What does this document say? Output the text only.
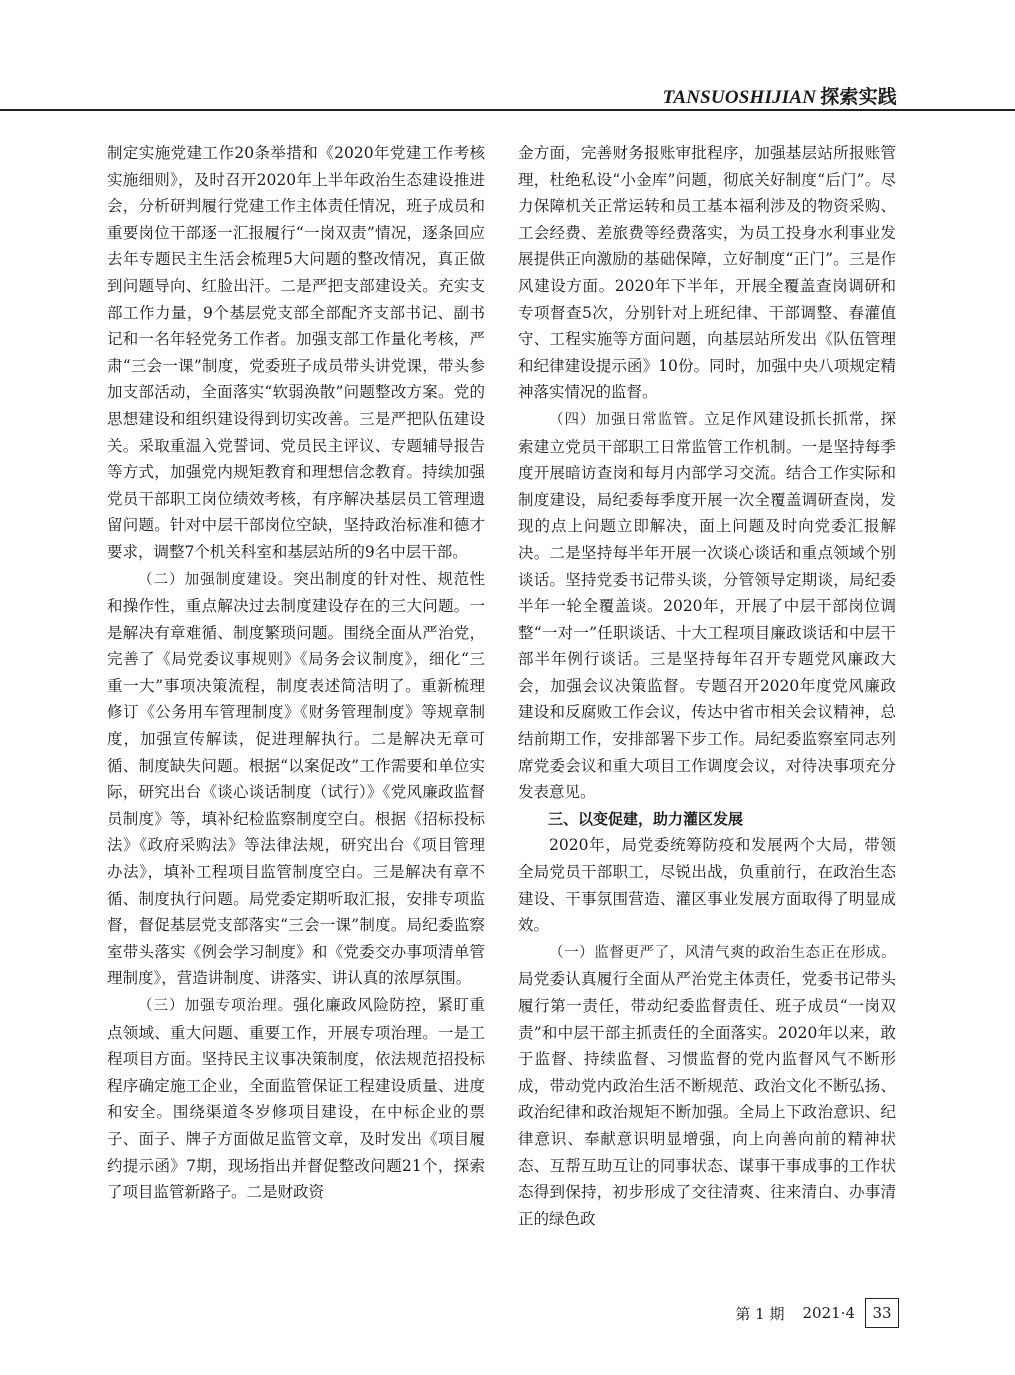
TANSUOSHIJIAN 探索实践

制定实施党建工作20条举措和《2020年党建工作考核实施细则》，及时召开2020年上半年政治生态建设推进会，分析研判履行党建工作主体责任情况，班子成员和重要岗位干部逐一汇报履行“一岗双责”情况，逐条回应去年专题民主生活会梳理5大问题的整改情况，真正做到问题导向、红脸出汗。二是严把支部建设关。充实支部工作力量，9个基层党支部全部配齐支部书记、副书记和一名年轻党务工作者。加强支部工作量化考核，严肃“三会一课”制度，党委班子成员带头讲党课，带头参加支部活动，全面落实“软弱涣散”问题整改方案。党的思想建设和组织建设得到切实改善。三是严把队伍建设关。采取重温入党誓词、党员民主评议、专题辅导报告等方式，加强党内规矩教育和理想信念教育。持续加强党员干部职工岗位绩效考核，有序解决基层员工管理遗留问题。针对中层干部岗位空缺，坚持政治标准和德才要求，调整7个机关科室和基层站所的9名中层干部。

（二）加强制度建设。突出制度的针对性、规范性和操作性，重点解决过去制度建设存在的三大问题。一是解决有章难循、制度繁琐问题。围绕全面从严治党，完善了《局党委议事规则》《局务会议制度》，细化“三重一大”事项决策流程，制度表述简洁明了。重新梳理修订《公务用车管理制度》《财务管理制度》等规章制度，加强宣传解读，促进理解执行。二是解决无章可循、制度缺失问题。根据“以案促改”工作需要和单位实际，研究出台《谈心谈话制度（试行）》《党风廉政监督员制度》等，填补纪检监察制度空白。根据《招标投标法》《政府采购法》等法律法规，研究出台《项目管理办法》，填补工程项目监管制度空白。三是解决有章不循、制度执行问题。局党委定期听取汇报，安排专项监督，督促基层党支部落实“三会一课”制度。局纪委监察室带头落实《例会学习制度》和《党委交办事项清单管理制度》，营造讲制度、讲落实、讲认真的浓厚氛围。

（三）加强专项治理。强化廉政风险防控，紧盯重点领域、重大问题、重要工作，开展专项治理。一是工程项目方面。坚持民主议事决策制度，依法规范招投标程序确定施工企业，全面监管保证工程建设质量、进度和安全。围绕渠道冬岁修项目建设，在中标企业的票子、面子、牌子方面做足监管文章，及时发出《项目履约提示函》7期，现场指出并督促整改问题21个，探索了项目监管新路子。二是财政资

金方面，完善财务报账审批程序，加强基层站所报账管理，杜绝私设“小金库”问题，彻底关好制度“后门”。尽力保障机关正常运转和员工基本福利涉及的物资采购、工会经费、差旅费等经费落实，为员工投身水利事业发展提供正向激励的基础保障，立好制度“正门”。三是作风建设方面。2020年下半年，开展全覆盖查岗调研和专项督查5次，分别针对上班纪律、干部调整、春灌值守、工程实施等方面问题，向基层站所发出《队伍管理和纪律建设提示函》10份。同时，加强中央八项规定精神落实情况的监督。

（四）加强日常监管。立足作风建设抓长抓常，探索建立党员干部职工日常监管工作机制。一是坚持每季度开展暗访查岗和每月内部学习交流。结合工作实际和制度建设，局纪委每季度开展一次全覆盖调研查岗，发现的点上问题立即解决，面上问题及时向党委汇报解决。二是坚持每半年开展一次谈心谈话和重点领域个别谈话。坚持党委书记带头谈，分管领导定期谈，局纪委半年一轮全覆盖谈。2020年，开展了中层干部岗位调整“一对一”任职谈话、十大工程项目廉政谈话和中层干部半年例行谈话。三是坚持每年召开专题党风廉政大会，加强会议决策监督。专题召开2020年度党风廉政建设和反腐败工作会议，传达中省市相关会议精神，总结前期工作，安排部署下步工作。局纪委监察室同志列席党委会议和重大项目工作调度会议，对待决事项充分发表意见。

三、以变促建，助力灌区发展

2020年，局党委统筹防疫和发展两个大局，带领全局党员干部职工，尽锐出战，负重前行，在政治生态建设、干事氛围营造、灌区事业发展方面取得了明显成效。

（一）监督更严了，风清气爽的政治生态正在形成。局党委认真履行全面从严治党主体责任，党委书记带头履行第一责任，带动纪委监督责任、班子成员“一岗双责”和中层干部主抓责任的全面落实。2020年以来，敢于监督、持续监督、习惯监督的党内监督风气不断形成，带动党内政治生活不断规范、政治文化不断弘扬、政治纪律和政治规矩不断加强。全局上下政治意识、纪律意识、奉献意识明显增强，向上向善向前的精神状态、互帮互助互让的同事状态、谋事干事成事的工作状态得到保持，初步形成了交往清爽、往来清白、办事清正的绿色政

第 1 期 2021·4	33
